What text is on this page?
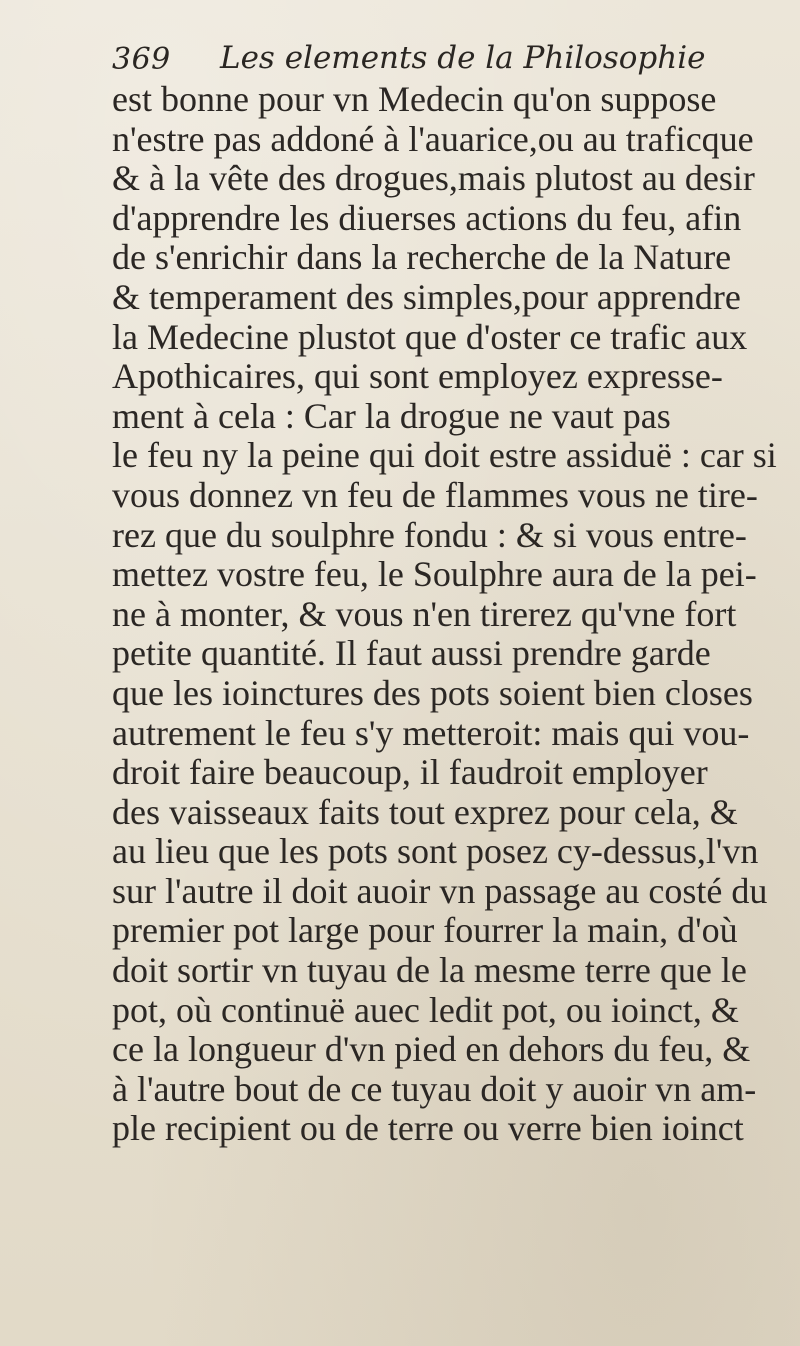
369 Les elements de la Philosophie
est bonne pour vn Medecin qu'on suppose
n'estre pas addoné à l'auarice,ou au traficque
& à la vête des drogues,mais plutost au desir
d'apprendre les diuerses actions du feu, afin
de s'enrichir dans la recherche de la Nature
& temperament des simples,pour apprendre
la Medecine plustot que d'oster ce trafic aux
Apothicaires, qui sont employez expresse-
ment à cela : Car la drogue ne vaut pas
le feu ny la peine qui doit estre assiduë : car si
vous donnez vn feu de flammes vous ne tire-
rez que du soulphre fondu : & si vous entre-
mettez vostre feu, le Soulphre aura de la pei-
ne à monter, & vous n'en tirerez qu'vne fort
petite quantité. Il faut aussi prendre garde
que les ioinctures des pots soient bien closes
autrement le feu s'y metteroit: mais qui vou-
droit faire beaucoup, il faudroit employer
des vaisseaux faits tout exprez pour cela, &
au lieu que les pots sont posez cy-dessus,l'vn
sur l'autre il doit auoir vn passage au costé du
premier pot large pour fourrer la main, d'où
doit sortir vn tuyau de la mesme terre que le
pot, où continuë auec ledit pot, ou ioinct, &
ce la longueur d'vn pied en dehors du feu, &
à l'autre bout de ce tuyau doit y auoir vn am-
ple recipient ou de terre ou verre bien ioinct
